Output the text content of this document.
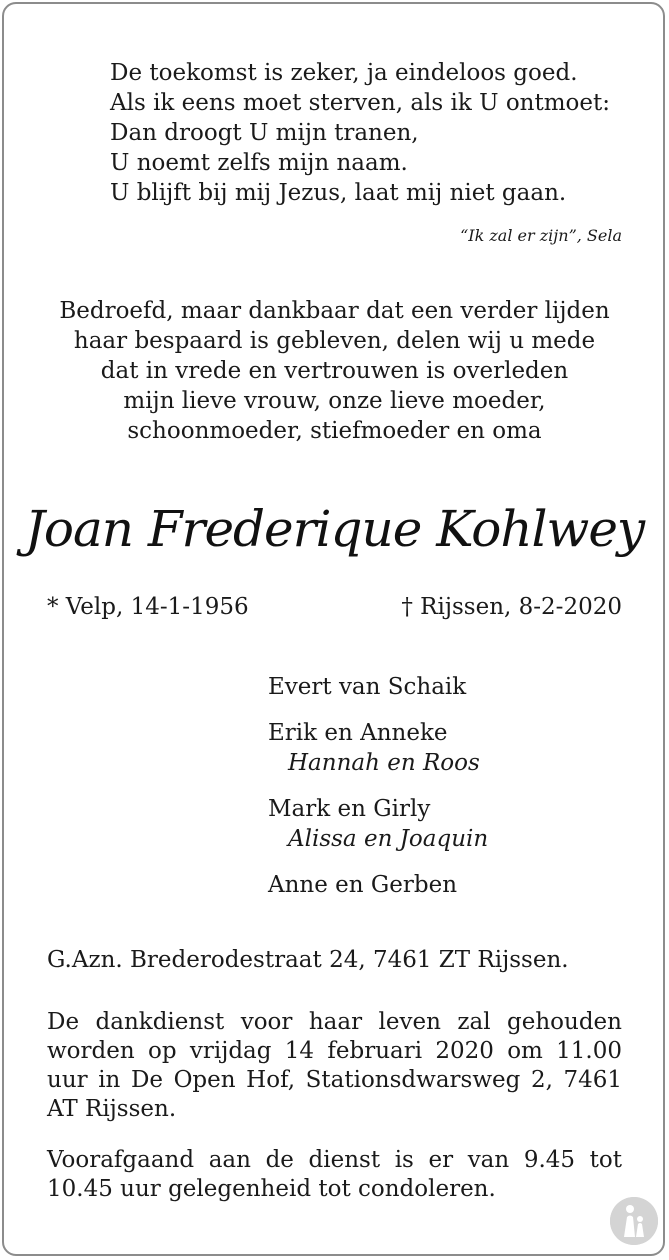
De toekomst is zeker, ja eindeloos goed.
Als ik eens moet sterven, als ik U ontmoet:
Dan droogt U mijn tranen,
U noemt zelfs mijn naam.
U blijft bij mij Jezus, laat mij niet gaan.
“Ik zal er zijn”, Sela
Bedroefd, maar dankbaar dat een verder lijden
haar bespaard is gebleven, delen wij u mede
dat in vrede en vertrouwen is overleden
mijn lieve vrouw, onze lieve moeder,
schoonmoeder, stiefmoeder en oma
Joan Frederique Kohlwey
* Velp, 14-1-1956	† Rijssen, 8-2-2020
Evert van Schaik
Erik en Anneke
Hannah en Roos
Mark en Girly
Alissa en Joaquin
Anne en Gerben
G.Azn. Brederodestraat 24, 7461 ZT Rijssen.
De dankdienst voor haar leven zal gehouden worden op vrijdag 14 februari 2020 om 11.00 uur in De Open Hof, Stationsdwarsweg 2, 7461 AT Rijssen.
Voorafgaand aan de dienst is er van 9.45 tot 10.45 uur gelegenheid tot condoleren.
